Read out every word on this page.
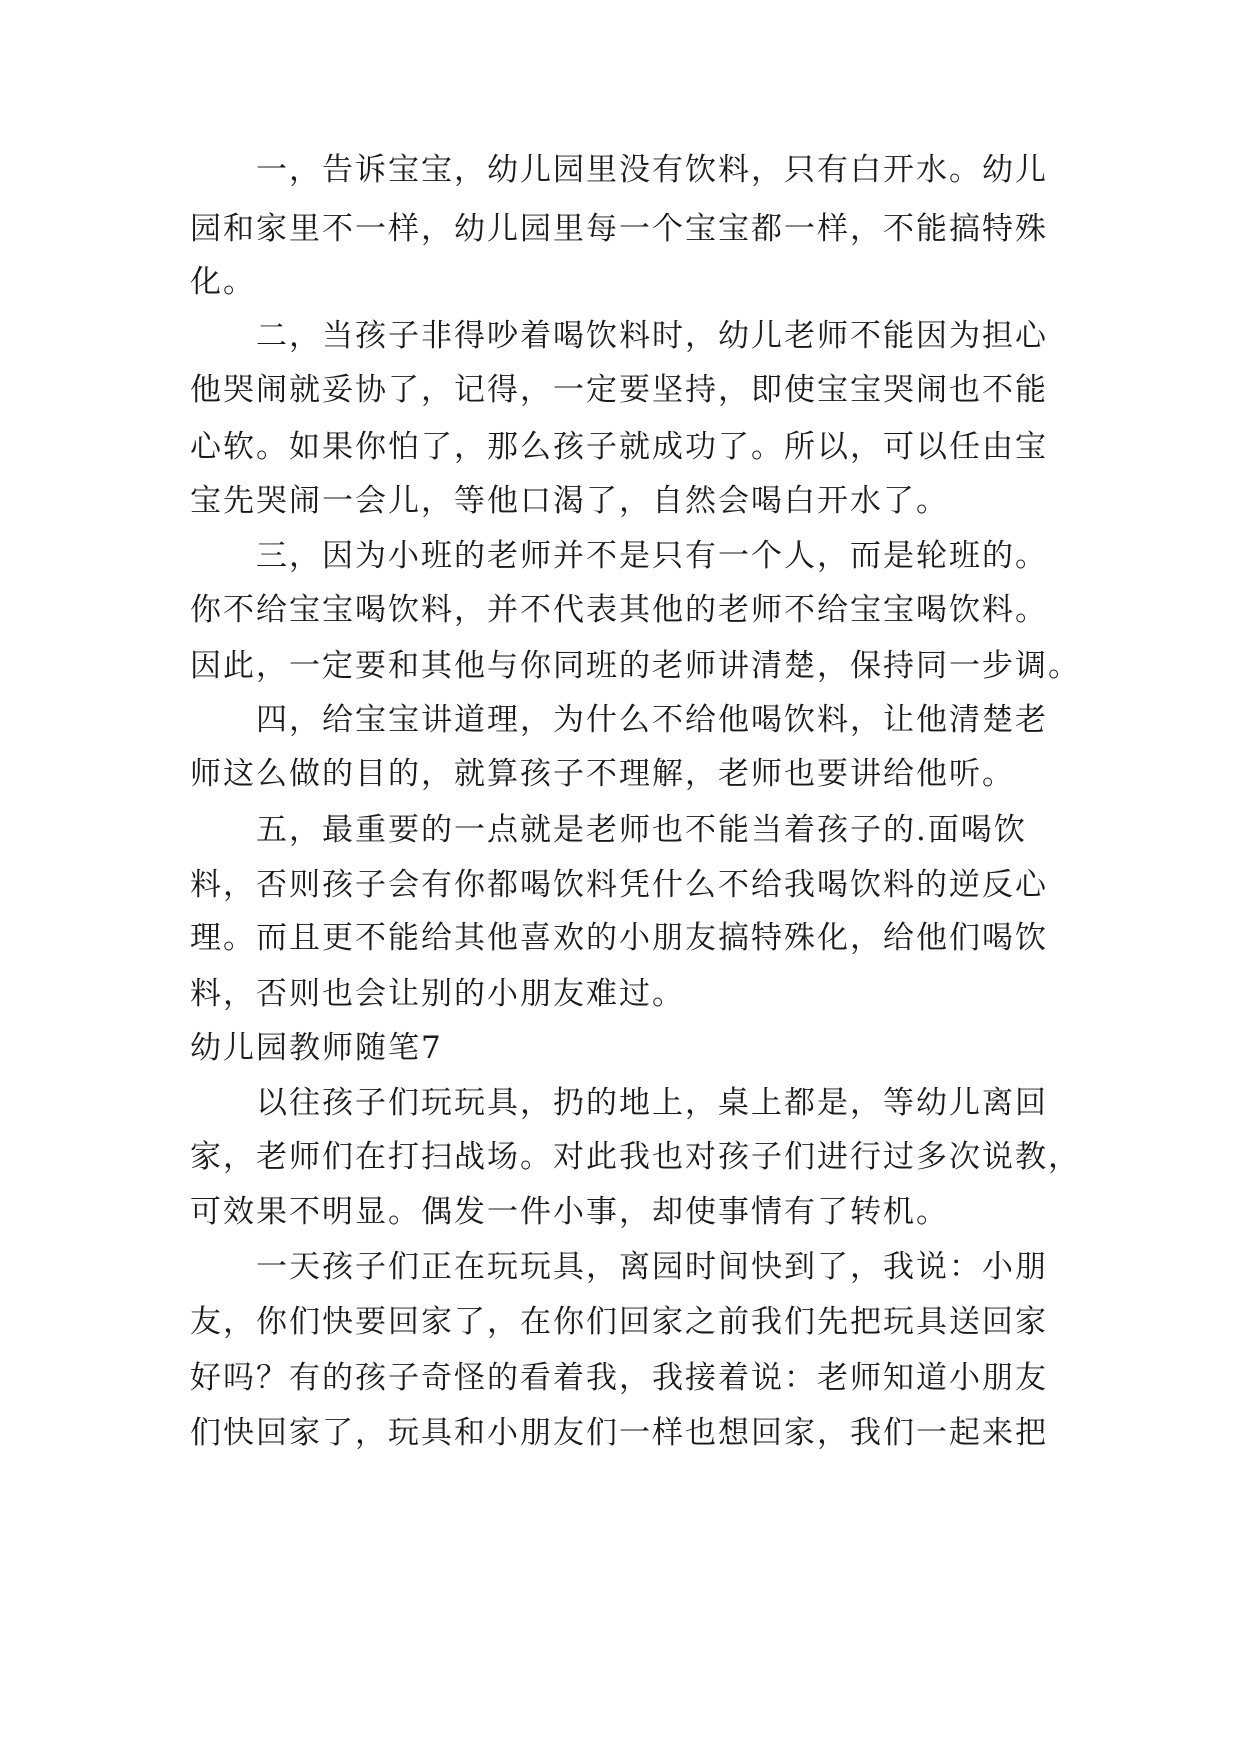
一，告诉宝宝，幼儿园里没有饮料，只有白开水。幼儿
园和家里不一样，幼儿园里每一个宝宝都一样，不能搞特殊
化。
二，当孩子非得吵着喝饮料时，幼儿老师不能因为担心
他哭闹就妥协了，记得，一定要坚持，即使宝宝哭闹也不能
心软。如果你怕了，那么孩子就成功了。所以，可以任由宝
宝先哭闹一会儿，等他口渴了，自然会喝白开水了。
三，因为小班的老师并不是只有一个人，而是轮班的。
你不给宝宝喝饮料，并不代表其他的老师不给宝宝喝饮料。
因此，一定要和其他与你同班的老师讲清楚，保持同一步调。
四，给宝宝讲道理，为什么不给他喝饮料，让他清楚老
师这么做的目的，就算孩子不理解，老师也要讲给他听。
五，最重要的一点就是老师也不能当着孩子的.面喝饮
料，否则孩子会有你都喝饮料凭什么不给我喝饮料的逆反心
理。而且更不能给其他喜欢的小朋友搞特殊化，给他们喝饮
料，否则也会让别的小朋友难过。
幼儿园教师随笔7
以往孩子们玩玩具，扔的地上，桌上都是，等幼儿离回
家，老师们在打扫战场。对此我也对孩子们进行过多次说教，
可效果不明显。偶发一件小事，却使事情有了转机。
一天孩子们正在玩玩具，离园时间快到了，我说：小朋
友，你们快要回家了，在你们回家之前我们先把玩具送回家
好吗？有的孩子奇怪的看着我，我接着说：老师知道小朋友
们快回家了，玩具和小朋友们一样也想回家，我们一起来把
